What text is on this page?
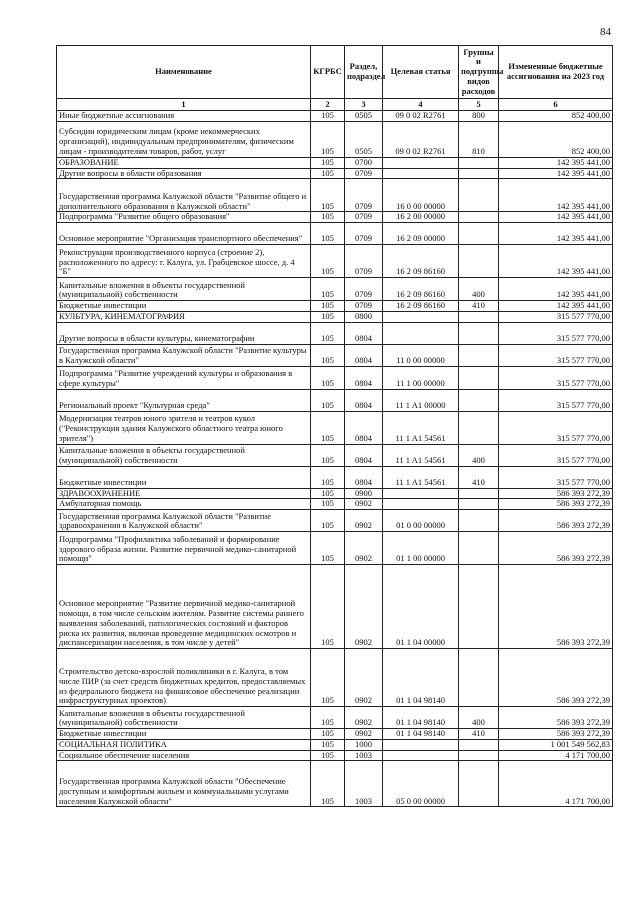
84
Наименование	КГРБС	Раздел, подраздел	Целевая статья	Группы и подгруппы видов расходов	Измененные бюджетные ассигнования на 2023 год
1	2	3	4	5	6
Иные бюджетные ассигнования	105	0505	09 0 02 R2761	800	852 400,00
Субсидии юридическим лицам (кроме некоммерческих организаций), индивидуальным предпринимателям, физическим лицам - производителям товаров, работ, услуг	105	0505	09 0 02 R2761	810	852 400,00
ОБРАЗОВАНИЕ	105	0700			142 395 441,00
Другие вопросы в области образования	105	0709			142 395 441,00
Государственная программа Калужской области "Развитие общего и дополнительного образования в Калужской области"	105	0709	16 0 00 00000		142 395 441,00
Подпрограмма "Развитие общего образования"	105	0709	16 2 00 00000		142 395 441,00
Основное мероприятие "Организация транспортного обеспечения"	105	0709	16 2 09 00000		142 395 441,00
Реконструкция производственного корпуса (строение 2), расположенного по адресу: г. Калуга, ул. Грабцевское шоссе, д. 4 "Б"	105	0709	16 2 09 86160		142 395 441,00
Капитальные вложения в объекты государственной (муниципальной) собственности	105	0709	16 2 09 86160	400	142 395 441,00
Бюджетные инвестиции	105	0709	16 2 09 86160	410	142 395 441,00
КУЛЬТУРА, КИНЕМАТОГРАФИЯ	105	0800			315 577 770,00
Другие вопросы в области культуры, кинематографии	105	0804			315 577 770,00
Государственная программа Калужской области "Развитие культуры в Калужской области"	105	0804	11 0 00 00000		315 577 770,00
Подпрограмма "Развитие учреждений культуры и образования в сфере культуры"	105	0804	11 1 00 00000		315 577 770,00
Региональный проект "Культурная среда"	105	0804	11 1 A1 00000		315 577 770,00
Модернизация театров юного зрителя и театров кукол ("Реконструкция здания Калужского областного театра юного зрителя")	105	0804	11 1 A1 54561		315 577 770,00
Капитальные вложения в объекты государственной (муниципальной) собственности	105	0804	11 1 A1 54561	400	315 577 770,00
Бюджетные инвестиции	105	0804	11 1 A1 54561	410	315 577 770,00
ЗДРАВООХРАНЕНИЕ	105	0900			586 393 272,39
Амбулаторная помощь	105	0902			586 393 272,39
Государственная программа Калужской области "Развитие здравоохранения в Калужской области"	105	0902	01 0 00 00000		586 393 272,39
Подпрограмма "Профилактика заболеваний и формирование здорового образа жизни. Развитие первичной медико-санитарной помощи"	105	0902	01 1 00 00000		586 393 272,39
Основное мероприятие "Развитие первичной медико-санитарной помощи, в том числе сельским жителям. Развитие системы раннего выявления заболеваний, патологических состояний и факторов риска их развития, включая проведение медицинских осмотров и диспансеризации населения, в том числе у детей"	105	0902	01 1 04 00000		586 393 272,39
Строительство детско-взрослой поликлиники в г. Калуга, в том числе ПИР (за счет средств бюджетных кредитов, предоставляемых из федерального бюджета на финансовое обеспечение реализации инфраструктурных проектов)	105	0902	01 1 04 98140		586 393 272,39
Капитальные вложения в объекты государственной (муниципальной) собственности	105	0902	01 1 04 98140	400	586 393 272,39
Бюджетные инвестиции	105	0902	01 1 04 98140	410	586 393 272,39
СОЦИАЛЬНАЯ ПОЛИТИКА	105	1000			1 001 549 562,83
Социальное обеспечение населения	105	1003			4 171 700,00
Государственная программа Калужской области "Обеспечение доступным и комфортным жильем и коммунальными услугами населения Калужской области"	105	1003	05 0 00 00000		4 171 700,00
